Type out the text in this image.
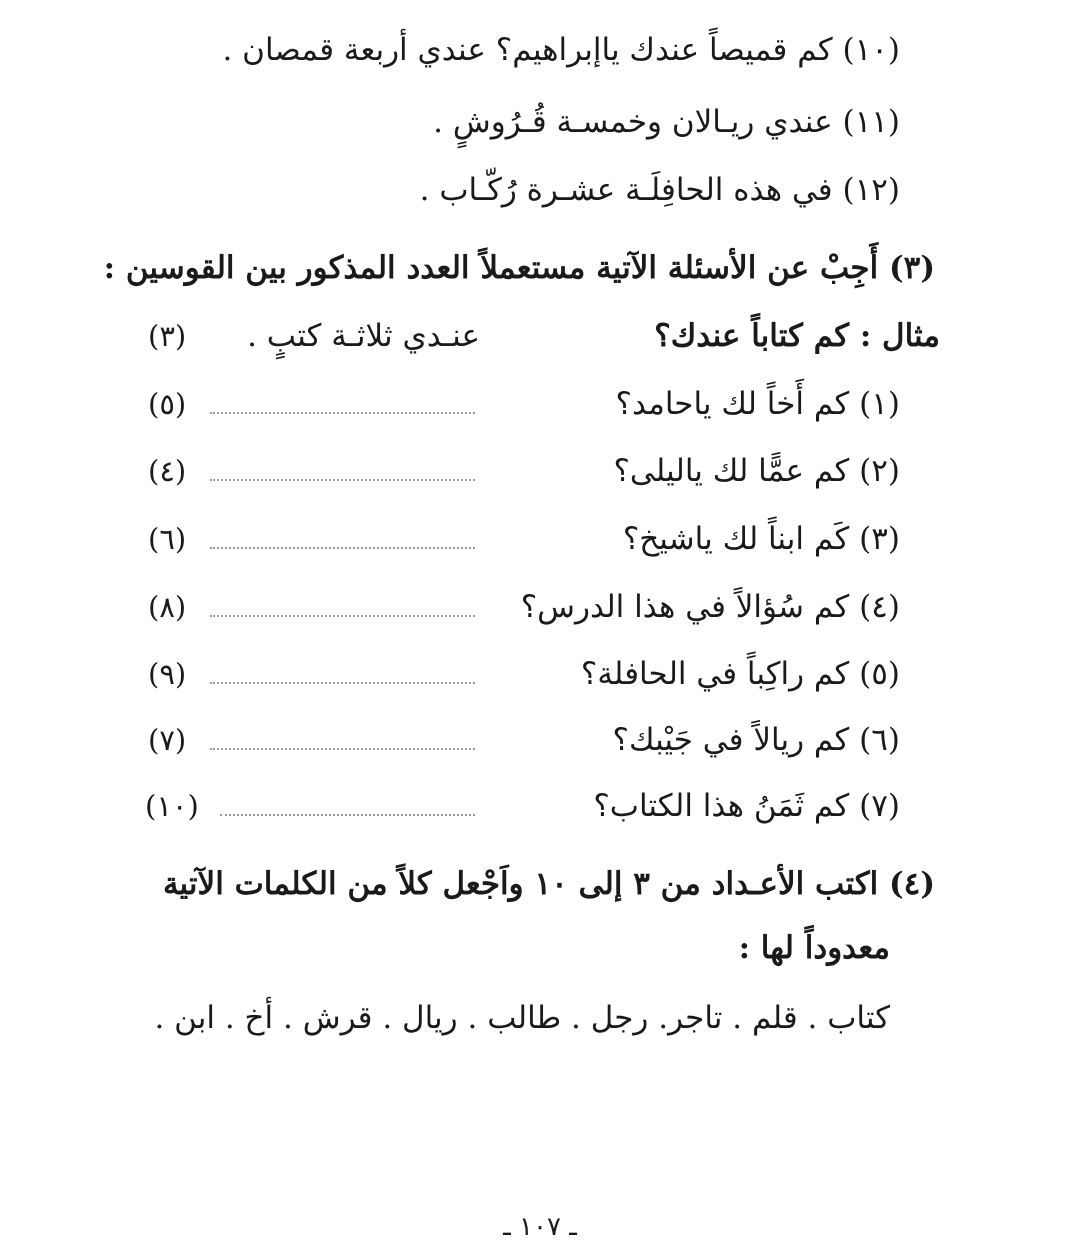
(١٠) كم قميصاً عندك ياإبراهيم؟ عندي أربعة قمصان .
(١١) عندي ريـالان وخمسـة قُـرُوشٍ .
(١٢) في هذه الحافِلَـة عشـرة رُكّـاب .
(٣) أَجِبْ عن الأسئلة الآتية مستعملاً العدد المذكور بين القوسين :
مثال : كم كتاباً عندك؟
عنـدي ثلاثـة كتبٍ .
(٣)
(١) كم أَخاً لك ياحامد؟
(٥)
(٢) كم عمًّا لك ياليلى؟
(٤)
(٣) كَم ابناً لك ياشيخ؟
(٦)
(٤) كم سُؤالاً في هذا الدرس؟
(٨)
(٥) كم راكِباً في الحافلة؟
(٩)
(٦) كم ريالاً في جَيْبك؟
(٧)
(٧) كم ثَمَنُ هذا الكتاب؟
(١٠)
(٤) اكتب الأعـداد من ٣ إلى ١٠ واَجْعل كلاً من الكلمات الآتية
معدوداً لها :
كتاب . قلم . تاجر. رجل . طالب . ريال . قرش . أخ . ابن .
ـ ١٠٧ ـ
